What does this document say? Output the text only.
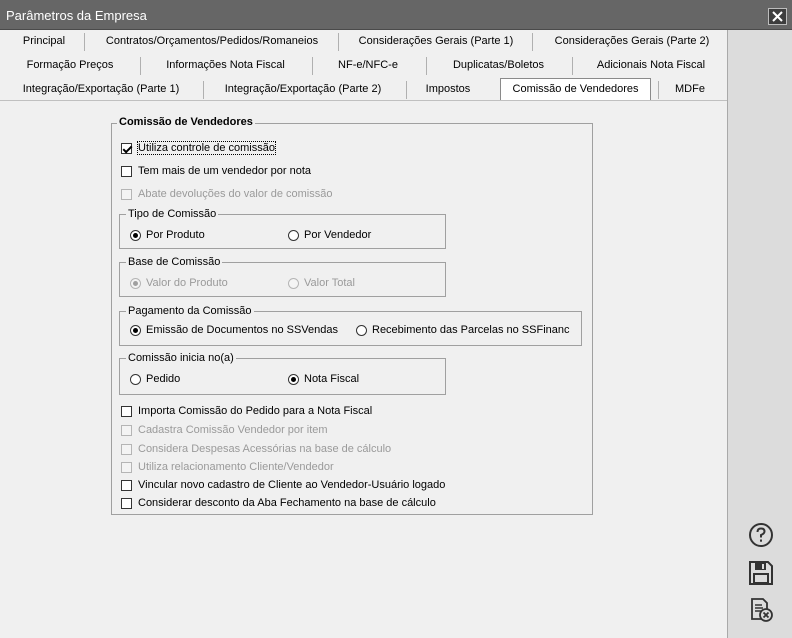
Parâmetros da Empresa
Principal	Contratos/Orçamentos/Pedidos/Romaneios	Considerações Gerais (Parte 1)	Considerações Gerais (Parte 2)
Formação Preços	Informações Nota Fiscal	NF-e/NFC-e	Duplicatas/Boletos	Adicionais Nota Fiscal
Integração/Exportação (Parte 1)	Integração/Exportação (Parte 2)	Impostos	Comissão de Vendedores	MDFe
Comissão de Vendedores
Utiliza controle de comissão
Tem mais de um vendedor por nota
Abate devoluções do valor de comissão
Tipo de Comissão
Por Produto	Por Vendedor
Base de Comissão
Valor do Produto	Valor Total
Pagamento da Comissão
Emissão de Documentos no SSVendas	Recebimento das Parcelas no SSFinanc
Comissão inicia no(a)
Pedido	Nota Fiscal
Importa Comissão do Pedido para a Nota Fiscal
Cadastra Comissão Vendedor por item
Considera Despesas Acessórias na base de cálculo
Utiliza relacionamento Cliente/Vendedor
Vincular novo cadastro de Cliente ao Vendedor-Usuário logado
Considerar desconto da Aba Fechamento na base de cálculo
